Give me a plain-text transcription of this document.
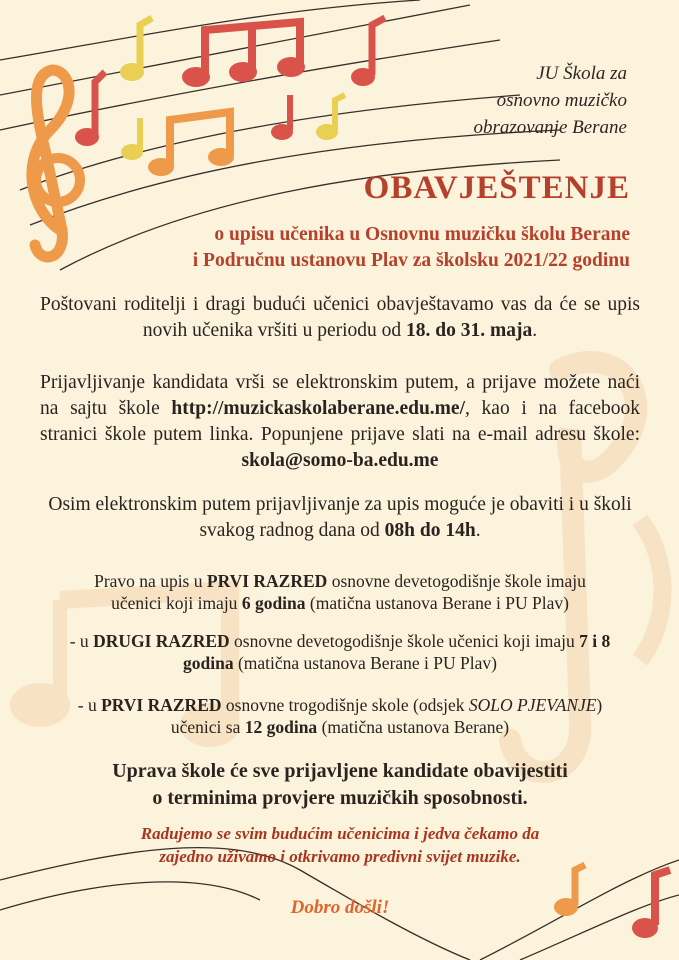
JU Škola za
osnovno muzičko
obrazovanje Berane
OBAVJEŠTENJE
o upisu učenika u Osnovnu muzičku školu Berane
i Područnu ustanovu Plav za školsku 2021/22 godinu
Poštovani roditelji i dragi budući učenici obavještavamo vas da će se upis novih učenika vršiti u periodu od 18. do 31. maja.
Prijavljivanje kandidata vrši se elektronskim putem, a prijave možete naći na sajtu škole http://muzickaskolaberane.edu.me/, kao i na facebook stranici škole putem linka. Popunjene prijave slati na e-mail adresu škole: skola@somo-ba.edu.me
Osim elektronskim putem prijavljivanje za upis moguće je obaviti i u školi svakog radnog dana od 08h do 14h.
Pravo na upis u PRVI RAZRED osnovne devetogodišnje škole imaju učenici koji imaju 6 godina (matična ustanova Berane i PU Plav)
- u DRUGI RAZRED osnovne devetogodišnje škole učenici koji imaju 7 i 8 godina (matična ustanova Berane i PU Plav)
- u PRVI RAZRED osnovne trogodišnje skole (odsjek SOLO PJEVANJE) učenici sa 12 godina (matična ustanova Berane)
Uprava škole će sve prijavljene kandidate obavijestiti
o terminima provjere muzičkih sposobnosti.
Radujemo se svim budućim učenicima i jedva čekamo da
zajedno uživamo i otkrivamo predivni svijet muzike.
Dobro došli!
